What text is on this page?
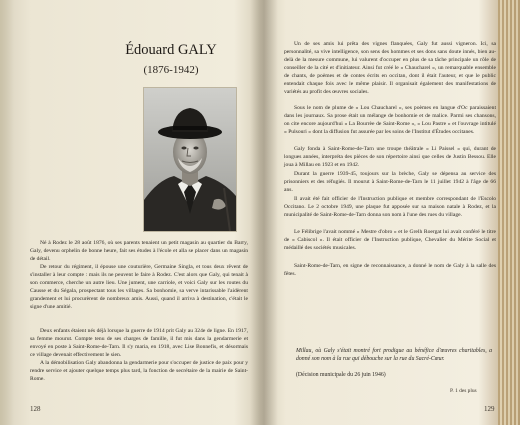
Édouard GALY
(1876-1942)

Né à Rodez le 28 août 1876, où ses parents tenaient un petit magasin au quartier du Barry, Galy, devenu orphelin de bonne heure, fait ses études à l'école et alla se placer dans un magasin de détail.

De retour du régiment, il épouse une couturière, Germaine Singla, et tous deux rêvent de s'installer à leur compte : mais ils ne peuvent le faire à Rodez. C'est alors que Galy, qui tenait à son commerce, cherche un autre lieu. Une jument, une carriole, et voici Galy sur les routes du Causse et du Ségala, prospectant tous les villages. Sa bonhomie, sa verve intarissable l'aidèrent grandement et lui procurèrent de nombreux amis. Aussi, quand il arriva à destination, c'était le signe d'une amitié.

Deux enfants étaient nés déjà lorsque la guerre de 1914 prit Galy au 324e de ligne. En 1917, sa femme mourut. Compte tenu de ses charges de famille, il fut mis dans la gendarmerie et envoyé en poste à Saint-Rome-de-Tarn. Il s'y maria, en 1918, avec Lise Bonnefis, et désormais ce village devenait effectivement le sien.

A la démobilisation Galy abandonna la gendarmerie pour s'occuper de justice de paix pour y rendre service et ajouter quelque temps plus tard, la fonction de secrétaire de la mairie de Saint-Rome.

128

Un de ses amis lui prêta des vignes flanquées, Galy fut aussi vigneron. Ici, sa personnalité, sa vive intelligence, son sens des hommes et ses dons sans doute innés, bien au-delà de la mesure commune, lui valurent d'occuper en plus de sa tâche principale un rôle de conseiller de la cité et d'initiateur. Ainsi fut créé le « Chaucharel », un remarquable ensemble de chants, de poèmes et de contes écrits en occitan, dont il était l'auteur, et que le public entendait chaque fois avec le même plaisir. Il organisait également des manifestations de variétés au profit des œuvres sociales.

Sous le nom de plume de « Lou Chaucharel », ses poèmes en langue d'Oc paraissaient dans les journaux. Sa prose était un mélange de bonhomie et de malice. Parmi ses chansons, on cite encore aujourd'hui « La Bourrèe de Saint-Rome », « Lou Pastre » et l'ouvrage intitulé « Pulsouri » dont la diffusion fut assurée par les soins de l'Institut d'Études occitanes.

Galy fonda à Saint-Rome-de-Tarn une troupe théâtrale « Li Paissel » qui, durant de longues années, interpréta des pièces de son répertoire ainsi que celles de Justin Bessou. Elle joua à Millau en 1923 et en 1942.

Durant la guerre 1939-45, toujours sur la brèche, Galy se dépensa au service des prisonniers et des réfugiés. Il mourut à Saint-Rome-de-Tarn le 11 juillet 1942 à l'âge de 66 ans.

Il avait été fait officier de l'Instruction publique et membre correspondant de l'Escolo Occitano. Le 2 octobre 1949, une plaque fut apposée sur sa maison natale à Rodez, et la municipalité de Saint-Rome-de-Tarn donna son nom à l'une des rues du village.

Le Félibrige l'avait nommé « Mestre d'obro » et le Grelh Roergat lui avait conféré le titre de « Cabiscol ». Il était officier de l'Instruction publique, Chevalier du Mérite Social et médaillé des sociétés musicales.

Saint-Rome-de-Tarn, en signe de reconnaissance, a donné le nom de Galy à la salle des fêtes.

Millau, où Galy s'était montré fort prodigue au bénéfice d'œuvres charitables, a donné son nom à la rue qui débouche sur la rue du Sacré-Cœur.
(Décision municipale du 26 juin 1946)
P. 1 des plus
129
